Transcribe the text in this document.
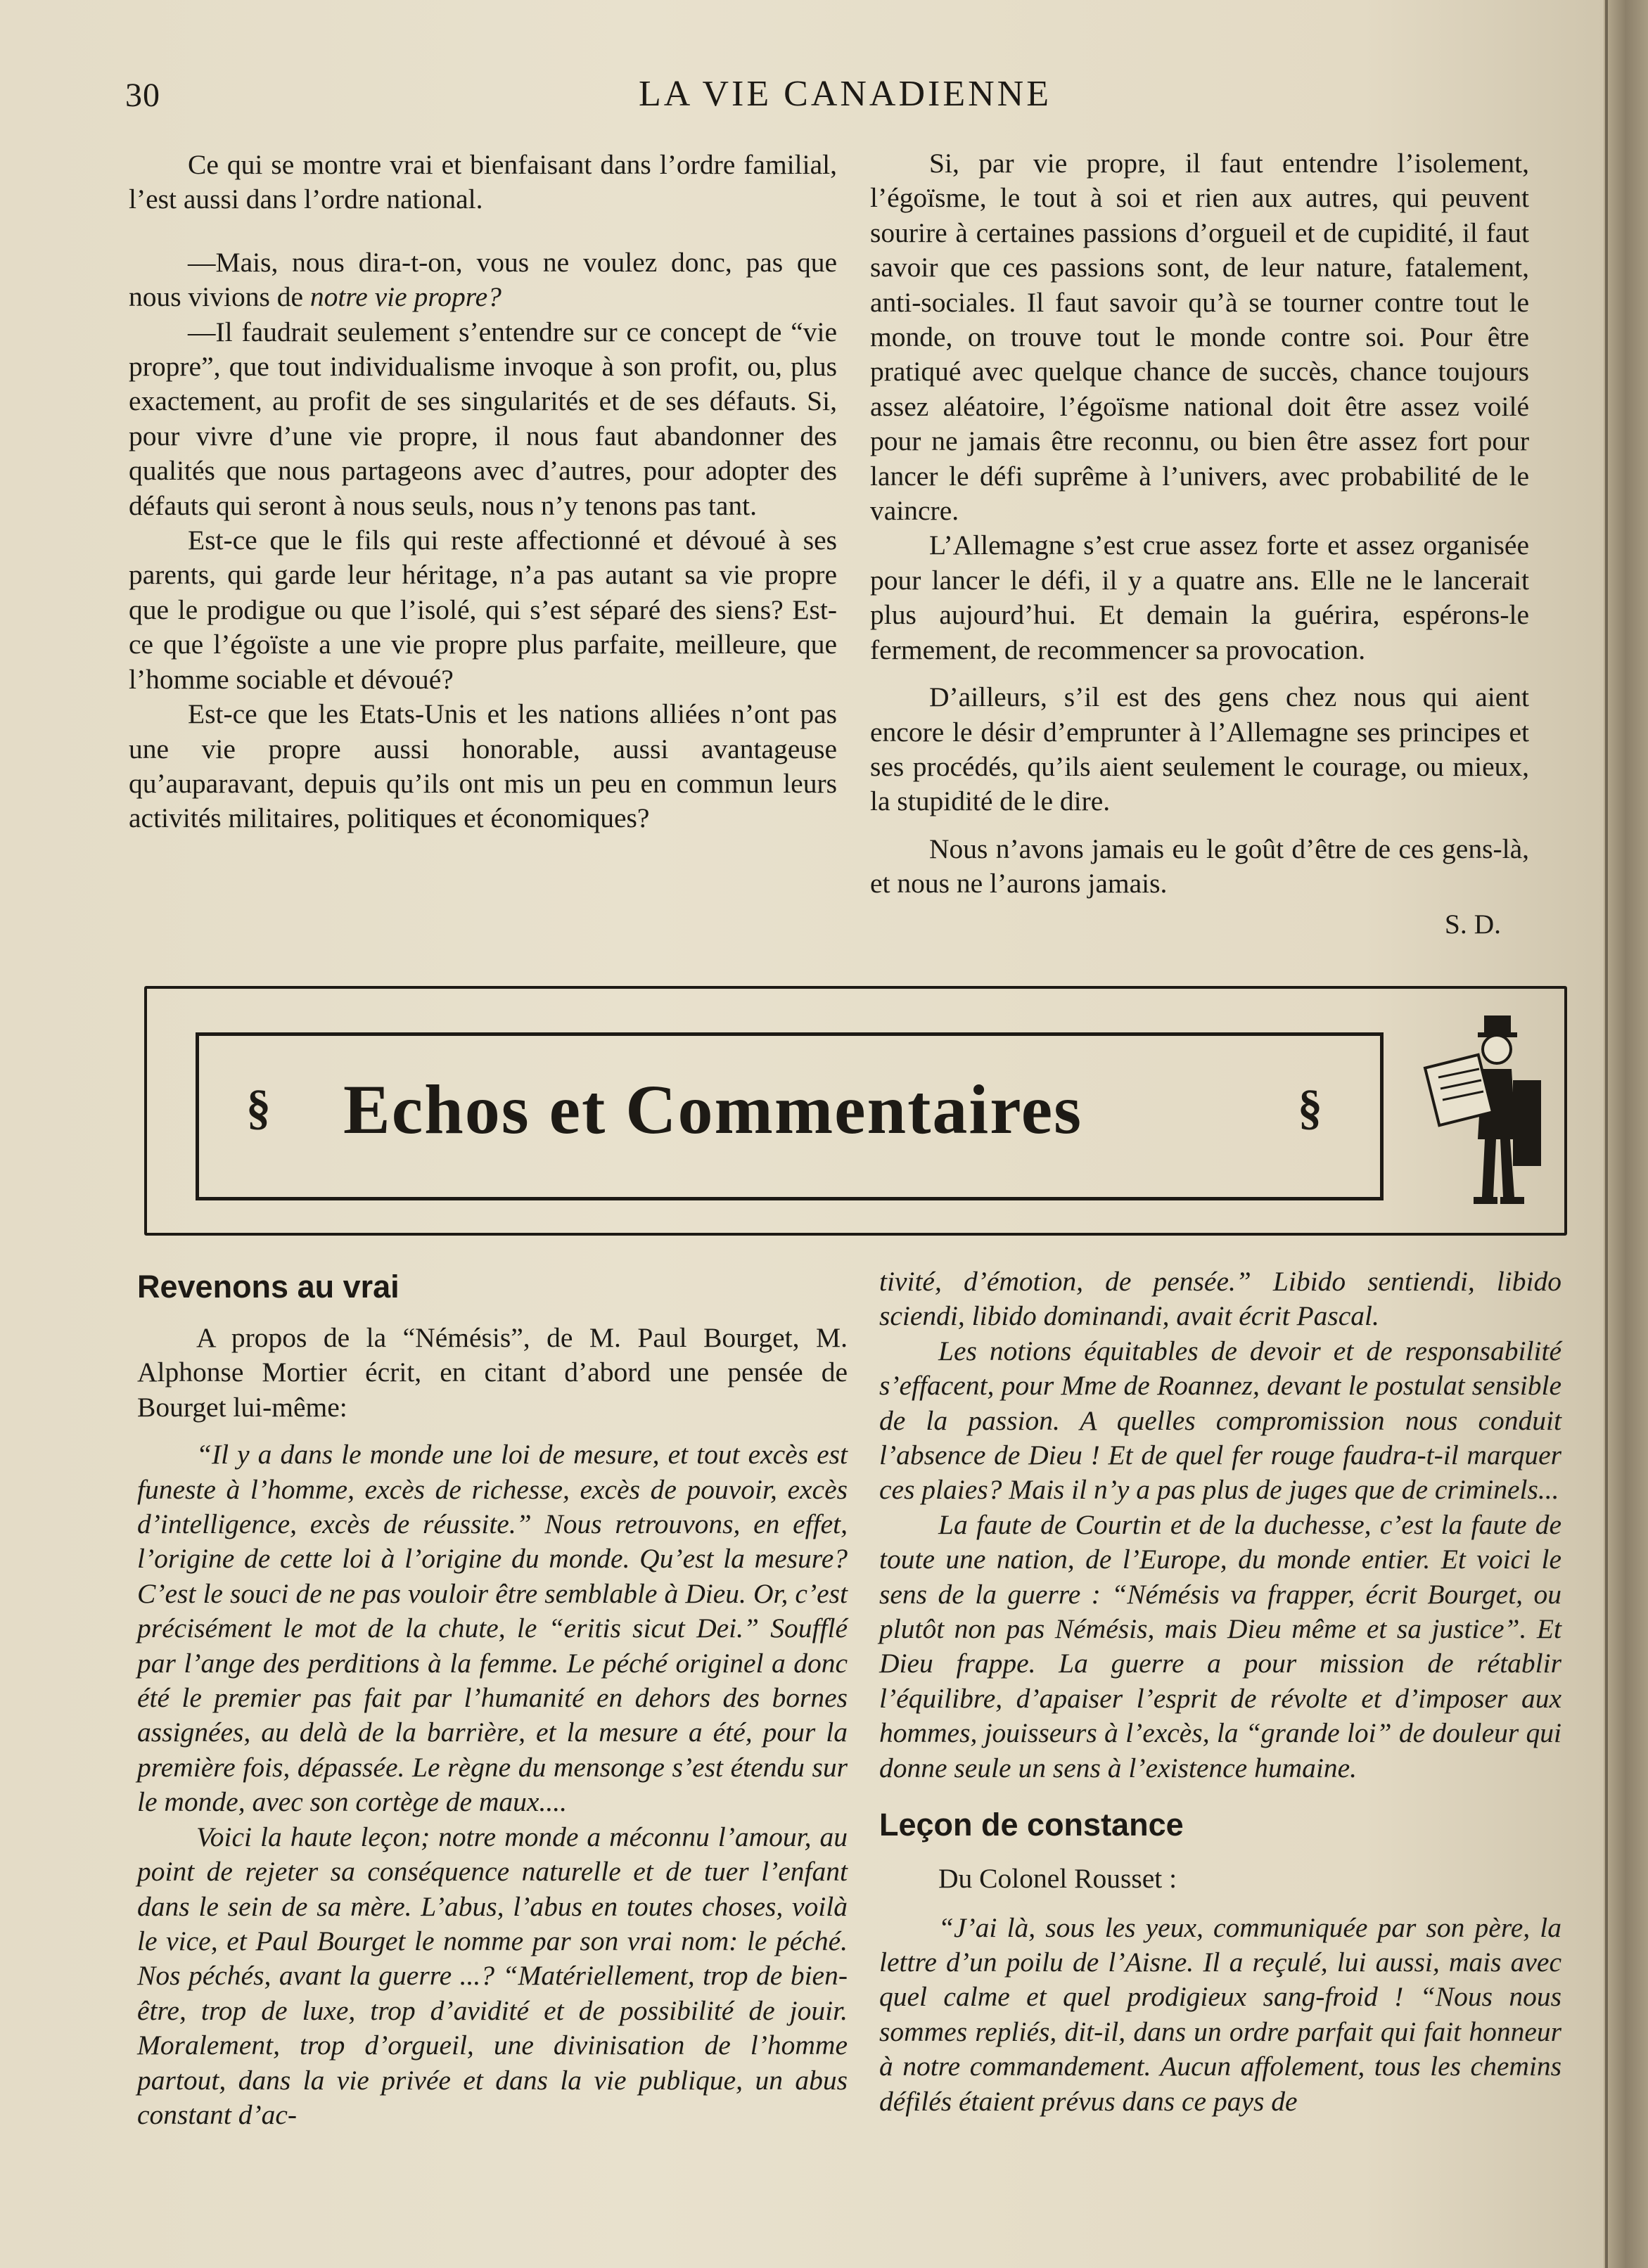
30	LA VIE CANADIENNE

Ce qui se montre vrai et bienfaisant dans l’ordre familial, l’est aussi dans l’ordre national.

—Mais, nous dira-t-on, vous ne voulez donc, pas que nous vivions de notre vie propre?

—Il faudrait seulement s’entendre sur ce concept de “vie propre”, que tout individualisme invoque à son profit, ou, plus exactement, au profit de ses singularités et de ses défauts. Si, pour vivre d’une vie propre, il nous faut abandonner des qualités que nous partageons avec d’autres, pour adopter des défauts qui seront à nous seuls, nous n’y tenons pas tant.

Est-ce que le fils qui reste affectionné et dévoué à ses parents, qui garde leur héritage, n’a pas autant sa vie propre que le prodigue ou que l’isolé, qui s’est séparé des siens? Est-ce que l’égoïste a une vie propre plus parfaite, meilleure, que l’homme sociable et dévoué?

Est-ce que les Etats-Unis et les nations alliées n’ont pas une vie propre aussi honorable, aussi avantageuse qu’auparavant, depuis qu’ils ont mis un peu en commun leurs activités militaires, politiques et économiques?

Si, par vie propre, il faut entendre l’isolement, l’égoïsme, le tout à soi et rien aux autres, qui peuvent sourire à certaines passions d’orgueil et de cupidité, il faut savoir que ces passions sont, de leur nature, fatalement, anti-sociales. Il faut savoir qu’à se tourner contre tout le monde, on trouve tout le monde contre soi. Pour être pratiqué avec quelque chance de succès, chance toujours assez aléatoire, l’égoïsme national doit être assez voilé pour ne jamais être reconnu, ou bien être assez fort pour lancer le défi suprême à l’univers, avec probabilité de le vaincre.

L’Allemagne s’est crue assez forte et assez organisée pour lancer le défi, il y a quatre ans. Elle ne le lancerait plus aujourd’hui. Et demain la guérira, espérons-le fermement, de recommencer sa provocation.

D’ailleurs, s’il est des gens chez nous qui aient encore le désir d’emprunter à l’Allemagne ses principes et ses procédés, qu’ils aient seulement le courage, ou mieux, la stupidité de le dire.

Nous n’avons jamais eu le goût d’être de ces gens-là, et nous ne l’aurons jamais.

S. D.

§ Echos et Commentaires	§
Revenons au vrai

A propos de la “Némésis”, de M. Paul Bourget, M. Alphonse Mortier écrit, en citant d’abord une pensée de Bourget lui-même:

“Il y a dans le monde une loi de mesure, et tout excès est funeste à l’homme, excès de richesse, excès de pouvoir, excès d’intelligence, excès de réussite.” Nous retrouvons, en effet, l’origine de cette loi à l’origine du monde. Qu’est la mesure? C’est le souci de ne pas vouloir être semblable à Dieu. Or, c’est précisément le mot de la chute, le “eritis sicut Dei.” Soufflé par l’ange des perditions à la femme. Le péché originel a donc été le premier pas fait par l’humanité en dehors des bornes assignées, au delà de la barrière, et la mesure a été, pour la première fois, dépassée. Le règne du mensonge s’est étendu sur le monde, avec son cortège de maux....

Voici la haute leçon; notre monde a méconnu l’amour, au point de rejeter sa conséquence naturelle et de tuer l’enfant dans le sein de sa mère. L’abus, l’abus en toutes choses, voilà le vice, et Paul Bourget le nomme par son vrai nom: le péché. Nos péchés, avant la guerre ...? “Matériellement, trop de bien-être, trop de luxe, trop d’avidité et de possibilité de jouir. Moralement, trop d’orgueil, une divinisation de l’homme partout, dans la vie privée et dans la vie publique, un abus constant d’ac-

tivité, d’émotion, de pensée.” Libido sentiendi, libido sciendi, libido dominandi, avait écrit Pascal.

Les notions équitables de devoir et de responsabilité s’effacent, pour Mme de Roannez, devant le postulat sensible de la passion. A quelles compromission nous conduit l’absence de Dieu ! Et de quel fer rouge faudra-t-il marquer ces plaies? Mais il n’y a pas plus de juges que de criminels...

La faute de Courtin et de la duchesse, c’est la faute de toute une nation, de l’Europe, du monde entier. Et voici le sens de la guerre : “Némésis va frapper, écrit Bourget, ou plutôt non pas Némésis, mais Dieu même et sa justice”. Et Dieu frappe. La guerre a pour mission de rétablir l’équilibre, d’apaiser l’esprit de révolte et d’imposer aux hommes, jouisseurs à l’excès, la “grande loi” de douleur qui donne seule un sens à l’existence humaine.

Leçon de constance

Du Colonel Rousset :

“J’ai là, sous les yeux, communiquée par son père, la lettre d’un poilu de l’Aisne. Il a reçulé, lui aussi, mais avec quel calme et quel prodigieux sang-froid ! “Nous nous sommes repliés, dit-il, dans un ordre parfait qui fait honneur à notre commandement. Aucun affolement, tous les chemins défilés étaient prévus dans ce pays de
